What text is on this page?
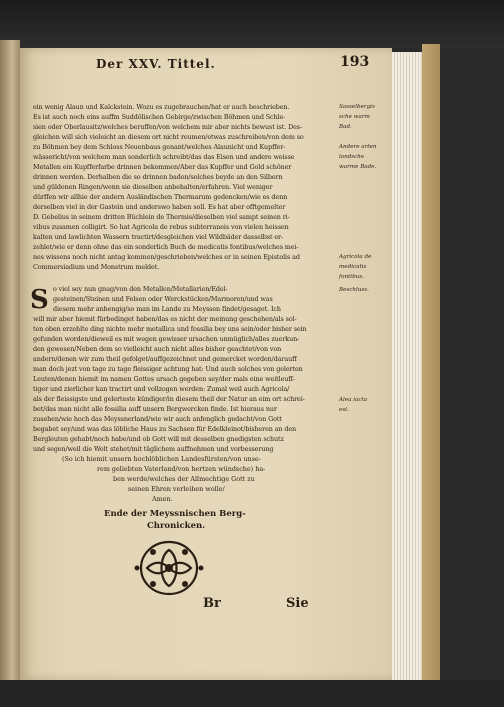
Der XXV. Tittel.	193
ein wenig Alaun und Kalckstein. Wozu es zugebrauchen/hat er auch beschrieben.
Es ist auch noch eins auffm Suddölischen Gebirge/zwischen Böhmen und Schle-
sien oder Oberlausitz/welches beruffen/von welchem mir aber nichts bewust ist. Des-
gleichen will sich vieleicht an diesem ort nicht reumen/etwas zuschreiben/von dem so
zu Böhmen bey dem Schloss Neuenbaus genant/welches Alaunicht und Kupffer-
wässericht/von welchem man sonderlich schreibt/das das Eisen und andere weisse
Metallen ein Kupfferfarbe drinnen bekommen/Aber das Kupffer und Gold schöner
drinnen werden. Derhalben die so drinnen baden/solches beyde an den Silbern
und güldenen Ringen/wenn sie dieselben anbehalten/erfahren. Viel weniger
dürffen wir allhie der andern Ausländischen Thermarum gedencken/wie es denn
derselben viel in der Gastein und anderswo haben soll. Es hat aber offtgemelter
D. Gebelius in seinem dritten Büchlein de Thermis/dieselben viel sampt seinen ri-
vibus zusamen colligirt. So hat Agricola de rebus subterraneis von vielen heissen
kalten und lawlichten Wassern tractirt/desgleichen viel Wildbäder dasselbst er-
zehlet/wie er denn ohne das ein sonderlich Buch de medicatis fontibus/welches mei-
nes wissens noch nicht antag kommen/geschrieben/welches er in seinen Epistolis ad
Commersiadium und Monstrum meldet.
Sasselbergis
sche warm
Bad.
Andere arten
landsche
warme Bade.
Agricola de
medicatis
fontibus.
Beschluss.
Alea iacta
est.
S o viel sey nun gnug/von den Metallen/Metallarien/Edel-
gesteinen/Steinen und Felsen oder Werckstücken/Marmoren/und was
diesem mehr anhengig/so man im Lande zu Meyssen findet/gesaget. Ich
will mir aber hiemit fürbedinget haben/das es nicht der meinung geschehen/als sol-
ten oben erzehlte ding nichte mehr metallica und fossilia bey uns sein/oder bisher sein
gefunden worden/dieweil es mit wegen gewisser ursachen unmüglich/alles zuerkun-
den gewesen/Neben dem so vielleicht auch nicht alles bisher geachtet/von von
andern/denen wir zum theil gefolget/auffgezeichnet und gemercket worden/darauff
man doch jezt von tage zu tage fleissiger achtung hat: Und auch solches von gelerten
Leuten/denen hiemit im namen Gottes ursach gegeben sey/der mals eine weitleuff-
tiger und zierlicher kan tractirt und vollzogen werden: Zumal weil auch Agricola/
als der fleissigste und gelerteste kündiger/in diesem theil der Natur an eim ort schrei-
bet/das man nicht alle fossilia auff unsern Bergwercken finde. Ist hieraus nur
zusehen/wie hoch das Meyssnerland/wie wir auch anfenglich gedacht/von Gott
begabet sey/und was das löbliche Haus zu Sachsen für Edelkleinot/bisheren an den
Bergleuten gehabt/noch habe/und ob Gott will mit desselben gnedigsten schutz
und segen/weil die Welt stehet/mit täglichem auffnehmen und vorbesserung
(So ich hiemit unsern hochlöblichen Landesfürsten/von unse-
rem geliebten Vaterland/von hertzen wündsche) ha-
ben werde/welches der Allmechtige Gott zu
seinen Ehren verleihen wolle/
Amen.
Ende der Meyssnischen Berg-
Chronicken.
Br	Sie
